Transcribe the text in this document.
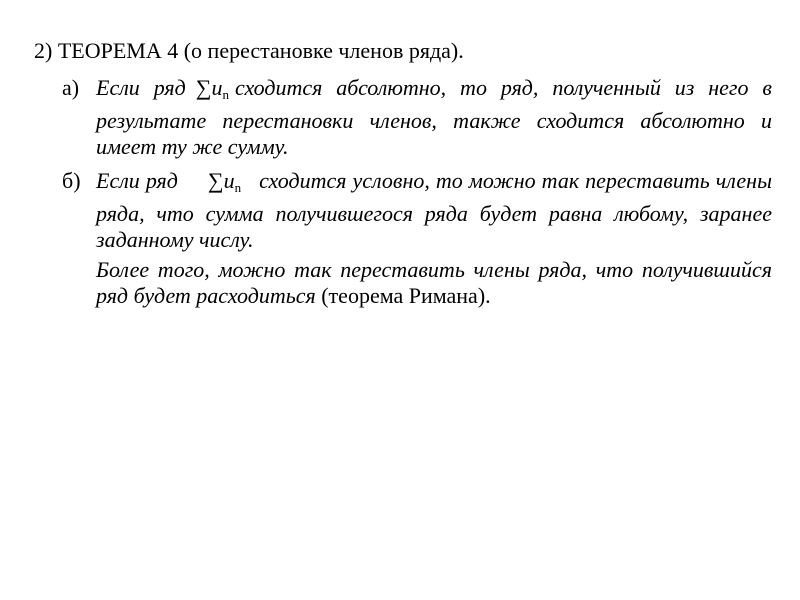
2) ТЕОРЕМА 4 (о перестановке членов ряда).
а) Если ряд $\sum u_n$ сходится абсолютно, то ряд, полученный из него в результате перестановки членов, также сходится абсолютно и имеет ту же сумму.
б) Если ряд $\sum u_n$ сходится условно, то можно так переставить члены ряда, что сумма получившегося ряда будет равна любому, заранее заданному числу.
Более того, можно так переставить члены ряда, что получившийся ряд будет расходиться (теорема Римана).
